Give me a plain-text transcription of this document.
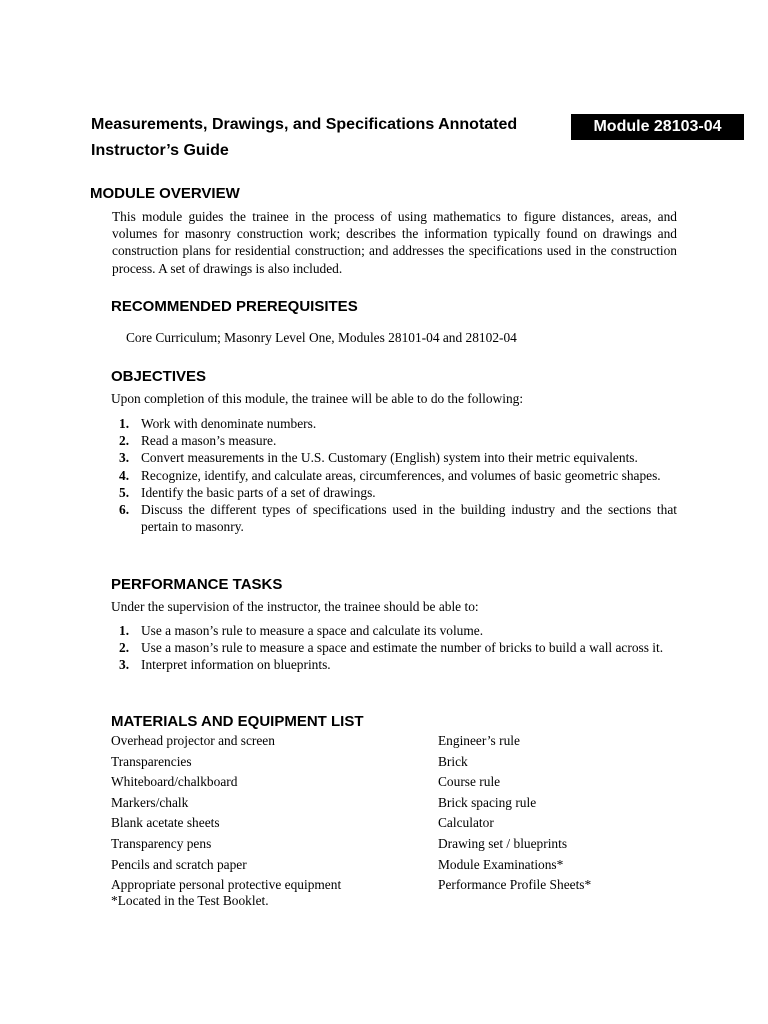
Measurements, Drawings, and Specifications Annotated Instructor’s Guide
Module 28103-04
MODULE OVERVIEW
This module guides the trainee in the process of using mathematics to figure distances, areas, and volumes for masonry construction work; describes the information typically found on drawings and construction plans for residential construction; and addresses the specifications used in the construction process. A set of drawings is also included.
RECOMMENDED PREREQUISITES
Core Curriculum; Masonry Level One, Modules 28101-04 and 28102-04
OBJECTIVES
Upon completion of this module, the trainee will be able to do the following:
1. Work with denominate numbers.
2. Read a mason’s measure.
3. Convert measurements in the U.S. Customary (English) system into their metric equivalents.
4. Recognize, identify, and calculate areas, circumferences, and volumes of basic geometric shapes.
5. Identify the basic parts of a set of drawings.
6. Discuss the different types of specifications used in the building industry and the sections that pertain to masonry.
PERFORMANCE TASKS
Under the supervision of the instructor, the trainee should be able to:
1. Use a mason’s rule to measure a space and calculate its volume.
2. Use a mason’s rule to measure a space and estimate the number of bricks to build a wall across it.
3. Interpret information on blueprints.
MATERIALS AND EQUIPMENT LIST
Overhead projector and screen
Transparencies
Whiteboard/chalkboard
Markers/chalk
Blank acetate sheets
Transparency pens
Pencils and scratch paper
Appropriate personal protective equipment
Engineer’s rule
Brick
Course rule
Brick spacing rule
Calculator
Drawing set / blueprints
Module Examinations*
Performance Profile Sheets*
*Located in the Test Booklet.
